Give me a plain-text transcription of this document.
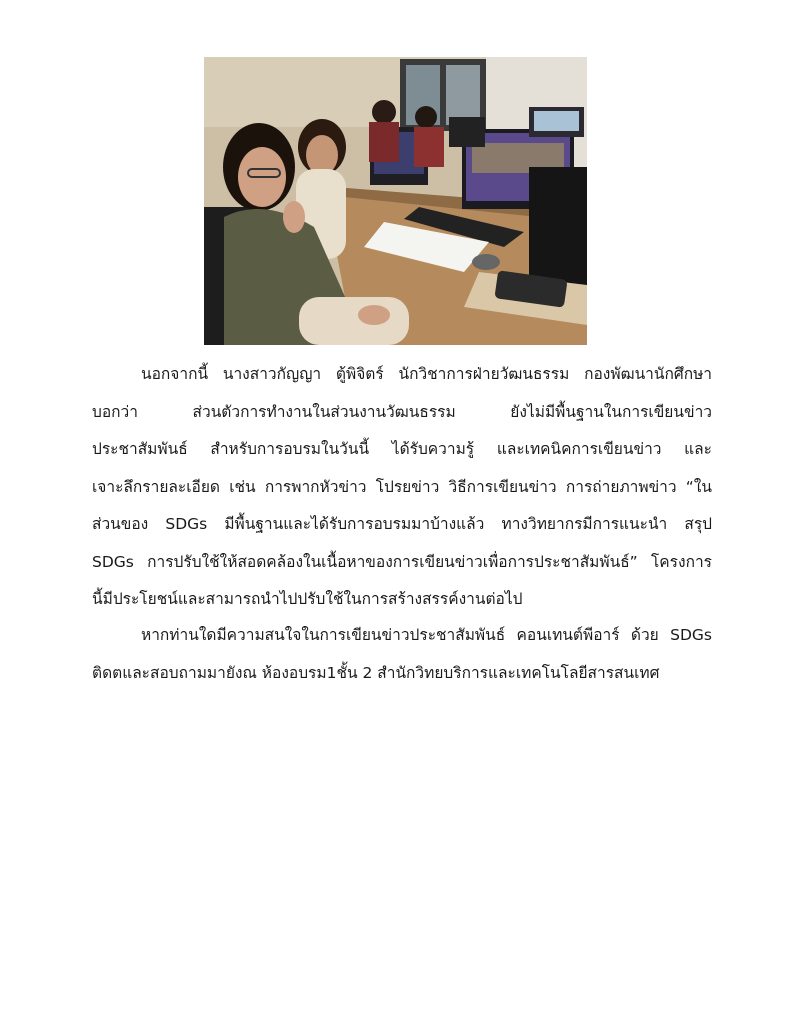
นอกจากนี้ นางสาวกัญญา ตู้พิจิตร์ นักวิชาการฝ่ายวัฒนธรรม กองพัฒนานักศึกษา
บอกว่า ส่วนตัวการทำงานในส่วนงานวัฒนธรรม ยังไม่มีพื้นฐานในการเขียนข่าว
ประชาสัมพันธ์ สำหรับการอบรมในวันนี้ ได้รับความรู้ และเทคนิคการเขียนข่าว และ
เจาะลึกรายละเอียด เช่น การพากหัวข่าว โปรยข่าว วิธีการเขียนข่าว การถ่ายภาพข่าว “ใน
ส่วนของ SDGs มีพื้นฐานและได้รับการอบรมมาบ้างแล้ว ทางวิทยากรมีการแนะนำ สรุป
SDGs การปรับใช้ให้สอดคล้องในเนื้อหาของการเขียนข่าวเพื่อการประชาสัมพันธ์” โครงการ
นี้มีประโยชน์และสามารถนำไปปรับใช้ในการสร้างสรรค์งานต่อไป
หากท่านใดมีความสนใจในการเขียนข่าวประชาสัมพันธ์ คอนเทนต์พีอาร์ ด้วย SDGs
ติดตและสอบถามมายังณ ห้องอบรม1ชั้น 2 สำนักวิทยบริการและเทคโนโลยีสารสนเทศ
